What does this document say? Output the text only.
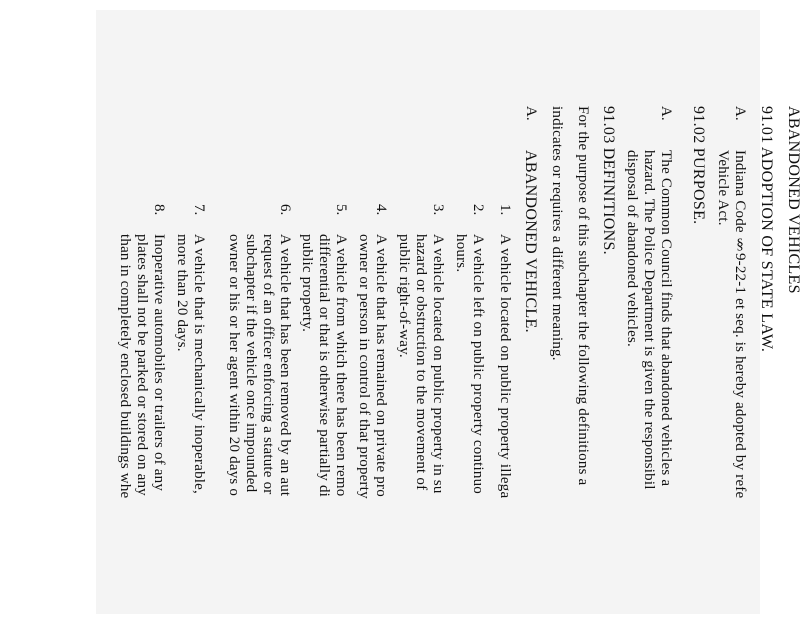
ABANDONED VEHICLES
91.01 ADOPTION OF STATE LAW.
A.
Indiana Code §9-22-1 et seq. is hereby adopted by refe
Vehicle Act.
91.02 PURPOSE.
A.
The Common Council finds that abandoned vehicles a
hazard. The Police Department is given the responsibil
disposal of abandoned vehicles.
91.03 DEFINITIONS.
For the purpose of this subchapter the following definitions a
indicates or requires a different meaning.
A.
ABANDONED VEHICLE.
1.
A vehicle located on public property illega
2.
A vehicle left on public property continuo
hours.
3.
A vehicle located on public property in su
hazard or obstruction to the movement of
public right-of-way.
4.
A vehicle that has remained on private pro
owner or person in control of that property
5.
A vehicle from which there has been remo
differential or that is otherwise partially di
public property.
6.
A vehicle that has been removed by an aut
request of an officer enforcing a statute or
subchapter if the vehicle once impounded
owner or his or her agent within 20 days o
7.
A vehicle that is mechanically inoperable,
more than 20 days.
8.
Inoperative automobiles or trailers of any
plates shall not be parked or stored on any
than in completely enclosed buildings whe
